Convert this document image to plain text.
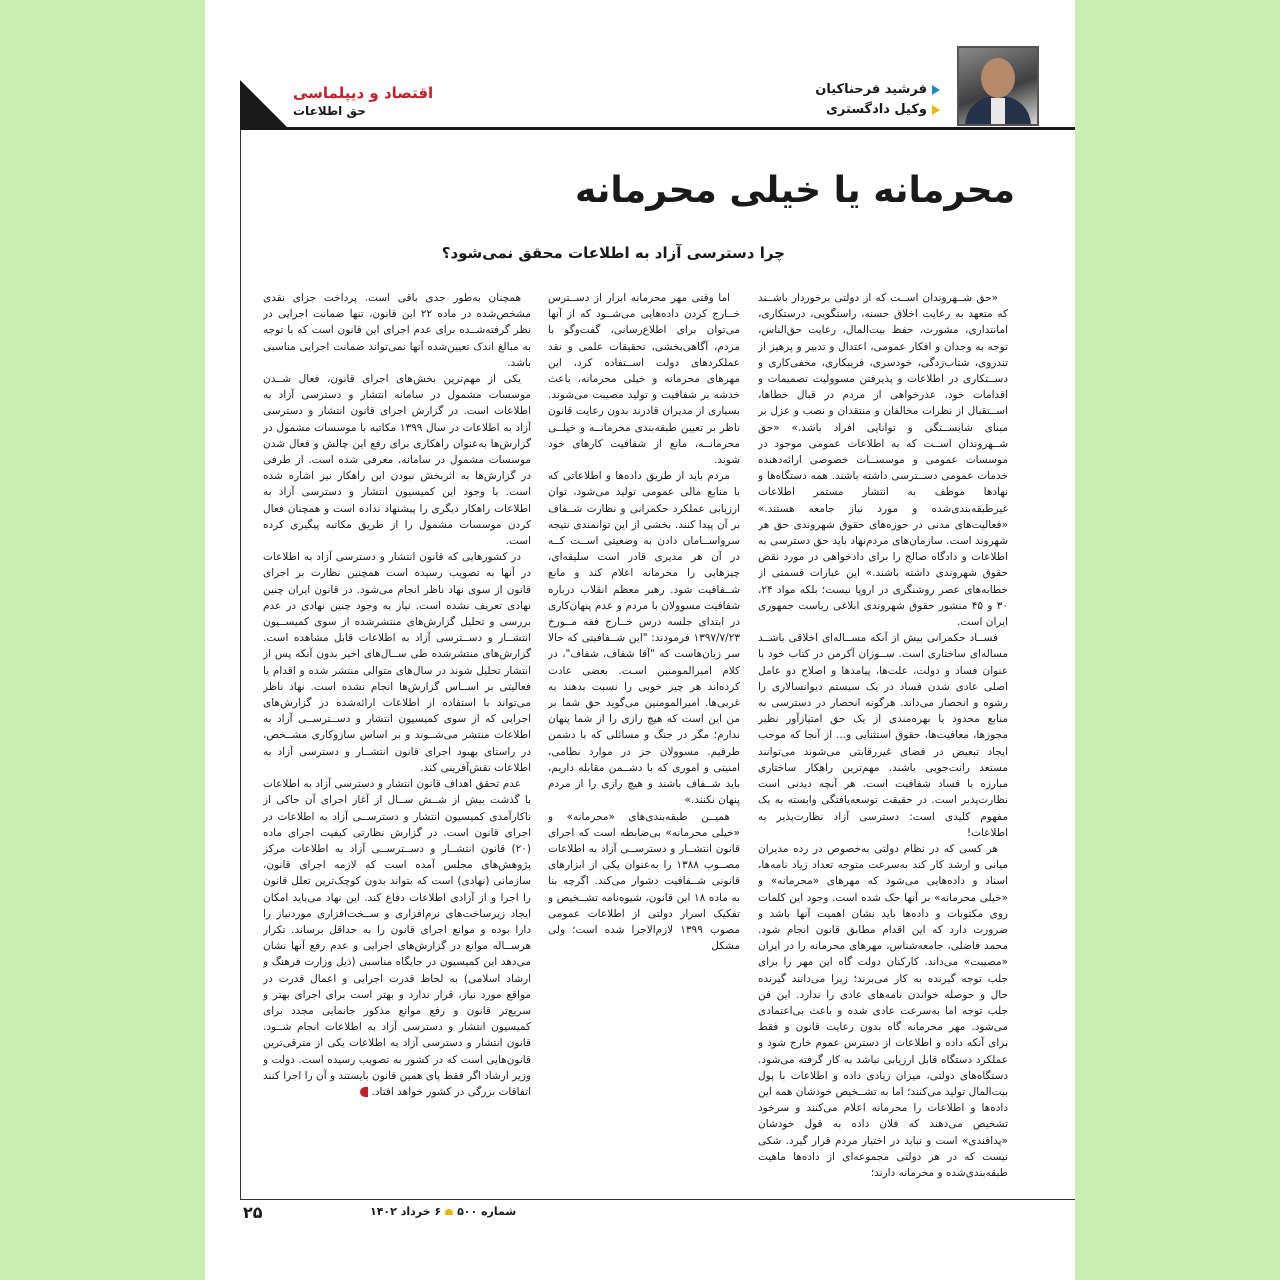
فرشید فرحناکیان
وکیل دادگستری
اقتصاد و دیپلماسی
حق اطلاعات
محرمانه یا خیلی محرمانه
چرا دسترسی آزاد به اطلاعات محقق نمی‌شود؟

«حق شــهروندان اســت که از دولتی برخوردار باشــند که متعهد به رعایت اخلاق حسنه، راستگویی، درستکاری، امانتداری، مشورت، حفظ بیت‌المال، رعایت حق‌الناس، توجه به وجدان و افکار عمومی، اعتدال و تدبیر و پرهیز از تندروی، شتاب‌زدگی، خودسری، فریبکاری، مخفی‌کاری و دســتکاری در اطلاعات و پذیرفتن مسوولیت تصمیمات و اقدامات خود، عذرخواهی از مردم در قبال خطاها، اســتقبال از نظرات مخالفان و منتقدان و نصب و عزل بر مبنای شایســتگی و توانایی افراد باشد.» «حق شــهروندان اســت که به اطلاعات عمومی موجود در موسسات عمومی و موسســات خصوصی ارائه‌دهنده خدمات عمومی دســترسی داشته باشند. همه دستگاه‌ها و نهادها موظف به انتشار مستمر اطلاعات غیرطبقه‌بندی‌شده و مورد نیاز جامعه هستند.» «فعالیت‌های مدنی در حوزه‌های حقوق شهروندی حق هر شهروند است. سازمان‌های مردم‌نهاد باید حق دسترسی به اطلاعات و دادگاه صالح را برای دادخواهی در مورد نقض حقوق شهروندی داشته باشند.» این عبارات قسمتی از خطابه‌های عصر روشنگری در اروپا نیست؛ بلکه مواد ۲۴، ۳۰ و ۴۵ منشور حقوق شهروندی ابلاغی ریاست جمهوری ایران است.

فســاد حکمرانی بیش از آنکه مســاله‌ای اخلاقی باشــد مساله‌ای ساختاری است. ســوزان آکرمن در کتاب خود با عنوان فساد و دولت، علت‌ها، پیامدها و اصلاح دو عامل اصلی عادی شدن فساد در یک سیستم دیوانسالاری را رشوه و انحصار می‌داند. هرگونه انحصار در دسترسی به منابع محدود یا بهره‌مندی از یک حق امتیازآور نظیر مجوزها، معافیت‌ها، حقوق استثنایی و... از آنجا که موجب ایجاد تبعیض در فضای غیررقابتی می‌شوند می‌توانند مستعد رانت‌جویی باشند. مهم‌ترین راهکار ساختاری مبارزه با فساد شفافیت است. هر آنچه دیدنی است نظارت‌پذیر است. در حقیقت توسعه‌یافتگی وابسته به یک مفهوم کلیدی است: دسترسی آزاد نظارت‌پذیر به اطلاعات!

هر کسی که در نظام دولتی به‌خصوص در رده مدیران میانی و ارشد کار کند به‌سرعت متوجه تعداد زیاد نامه‌ها، اسناد و داده‌هایی می‌شود که مهرهای «محرمانه» و «خیلی محرمانه» بر آنها حک شده است. وجود این کلمات روی مکتوبات و داده‌ها باید نشان اهمیت آنها باشد و ضرورت دارد که این اقدام مطابق قانون انجام شود. محمد فاضلی، جامعه‌شناس، مهرهای محرمانه را در ایران «مصیبت» می‌داند. کارکنان دولت گاه این مهر را برای جلب توجه گیرنده به کار می‌برند؛ زیرا می‌دانند گیرنده حال و حوصله خواندن نامه‌های عادی را ندارد. این فن جلب توجه اما به‌سرعت عادی شده و باعث بی‌اعتمادی می‌شود. مهر محرمانه گاه بدون رعایت قانون و فقط برای آنکه داده و اطلاعات از دسترس عموم خارج شود و عملکرد دستگاه قابل ارزیابی نباشد به کار گرفته می‌شود. دستگاه‌های دولتی، میزان زیادی داده و اطلاعات با پول بیت‌المال تولید می‌کنند؛ اما به تشــخیص خودشان همه این داده‌ها و اطلاعات را محرمانه اعلام می‌کنند و سرخود تشخیص می‌دهند که فلان داده به قول خودشان «پدافندی» است و نباید در اختیار مردم قرار گیرد. شکی نیست که در هر دولتی مجموعه‌ای از داده‌ها ماهیت طبقه‌بندی‌شده و محرمانه دارند؛

اما وقتی مهر محرمانه ابزار از دســترس خــارج کردن داده‌هایی می‌شــود که از آنها می‌توان برای اطلاع‌رسانی، گفت‌وگو با مردم، آگاهی‌بخشی، تحقیقات علمی و نقد عملکردهای دولت اســتفاده کرد، این مهرهای محرمانه و خیلی محرمانه، باعث خدشه بر شفافیت و تولید مصیبت می‌شوند. بسیاری از مدیران قادرند بدون رعایت قانون ناظر بر تعیین طبقه‌بندی محرمانــه و خیلــی محرمانــه، مانع از شفافیت کارهای خود شوند.

مردم باید از طریق داده‌ها و اطلاعاتی که با منابع مالی عمومی تولید می‌شود، توان ارزیابی عملکرد حکمرانی و نظارت شــفاف بر آن پیدا کنند. بخشی از این توانمندی نتیجه سرواســامان دادن به وضعیتی اســت کــه در آن هر مدیری قادر است سلیقه‌ای، چیزهایی را محرمانه اعلام کند و مانع شــفافیت شود. رهبر معظم انقلاب درباره شفافیت مسوولان با مردم و عدم پنهان‌کاری در ابتدای جلسه درس خــارج فقه مــورخ ۱۳۹۷/۷/۲۳ فرمودند: "این شــفافیتی که حالا سر زبان‌هاست که "آقا شفاف، شفاف"، در کلام امیرالمومنین اسـت. بعضی عادت کرده‌اند هر چیز خوبی را نسبت بدهند به غربی‌ها. امیرالمومنین می‌گوید حق شما بر من این است که هیچ رازی را از شما پنهان ندارم؛ مگر در جنگ و مسائلی که با دشمن طرفیم. مسوولان جز در موارد نظامی، امنیتی و اموری که با دشــمن مقابله داریم، باید شــفاف باشند و هیچ رازی را از مردم پنهان نکنند.»

همیــن طبقه‌بندی‌های «محرمانه» و «خیلی محرمانه» بی‌ضابطه است که اجرای قانون انتشــار و دسترســی آزاد به اطلاعات مصــوب ۱۳۸۸ را به‌عنوان یکی از ابزارهای قانونی شــفافیت دشوار می‌کند. اگرچه بنا به ماده ۱۸ این قانون، شیوه‌نامه تشــخیص و تفکیک اسرار دولتی از اطلاعات عمومی مصوب ۱۳۹۹ لازم‌الاجرا شده است؛ ولی مشکل

همچنان به‌طور جدی باقی است. پرداخت جزای نقدی مشخص‌شده در ماده ۲۲ این قانون، تنها ضمانت اجرایی در نظر گرفته‌شــده برای عدم اجرای این قانون است که با توجه به مبالغ اندک تعیین‌شده آنها نمی‌تواند ضمانت اجرایی مناسبی باشد.

یکی از مهم‌ترین بخش‌های اجرای قانون، فعال شــدن موسسات مشمول در سامانه انتشار و دسترسی آزاد به اطلاعات است. در گزارش اجرای قانون انتشار و دسترسی آزاد به اطلاعات در سال ۱۳۹۹ مکاتبه با موسسات مشمول در گزارش‌ها به‌عنوان راهکاری برای رفع این چالش و فعال شدن موسسات مشمول در سامانه، معرفی شده است. از طرفی در گزارش‌ها به اثربخش نبودن این راهکار نیز اشاره شده است. با وجود این کمیسیون انتشار و دسترسی آزاد به اطلاعات راهکار دیگری را پیشنهاد نداده است و همچنان فعال کردن موسسات مشمول را از طریق مکاتبه پیگیری کرده است.

در کشورهایی که قانون انتشار و دسترسی آزاد به اطلاعات در آنها به تصویب رسیده است همچنین نظارت بر اجرای قانون از سوی نهاد ناظر انجام می‌شود. در قانون ایران چنین نهادی تعریف نشده است. نیاز به وجود چنین نهادی در عدم بررسی و تحلیل گزارش‌های منتشرشده از سوی کمیســیون انتشــار و دســترسی آزاد به اطلاعات قابل مشاهده است. گزارش‌های منتشرشده طی ســال‌های اخیر بدون آنکه پس از انتشار تحلیل شوند در سال‌های متوالی منتشر شده و اقدام یا فعالیتی بر اســاس گزارش‌ها انجام نشده است. نهاد ناظر می‌تواند با استفاده از اطلاعات ارائه‌شده در گزارش‌های اجرایی که از سوی کمیسیون انتشار و دســترســی آزاد به اطلاعات منتشر می‌شــوند و بر اساس سازوکاری مشــخص، در راستای بهبود اجرای قانون انتشــار و دسترسی آزاد به اطلاعات نقش‌آفرینی کند.

عدم تحقق اهداف قانون انتشار و دسترسی آزاد به اطلاعات با گذشت بیش از شــش ســال از آغاز اجرای آن حاکی از ناکارآمدی کمیسیون انتشار و دسترســی آزاد به اطلاعات در اجرای قانون است. در گزارش نظارتی کیفیت اجرای ماده (۲۰) قانون انتشــار و دســترســی آزاد به اطلاعات مرکز پژوهش‌های مجلس آمده است که لازمه اجرای قانون، سازمانی (نهادی) است که بتواند بدون کوچک‌ترین تعلل قانون را اجرا و از آزادی اطلاعات دفاع کند. این نهاد می‌باید امکان ایجاد زیرساخت‌های نرم‌افزاری و ســخت‌افزاری موردنیاز را دارا بوده و موانع اجرای قانون را به حداقل برساند. تکرار هرســاله موانع در گزارش‌های اجرایی و عدم رفع آنها نشان می‌دهد این کمیسیون در جایگاه مناسبی (ذیل وزارت فرهنگ و ارشاد اسلامی) به لحاظ قدرت اجرایی و اعمال قدرت در مواقع مورد نیاز، قرار ندارد و بهتر است برای اجرای بهتر و سریع‌تر قانون و رفع موانع مذکور جانمایی مجدد برای کمیسیون انتشار و دسترسی آزاد به اطلاعات انجام شــود. قانون انتشار و دسترسی آزاد به اطلاعات یکی از مترقی‌ترین قانون‌هایی است که در کشور به تصویب رسیده است. دولت و وزیر ارشاد اگر فقط پای همین قانون بایستند و آن را اجرا کنند اتفاقات بزرگی در کشور خواهد افتاد.

۲۵	شماره ۵۰۰۶ خرداد ۱۴۰۲
